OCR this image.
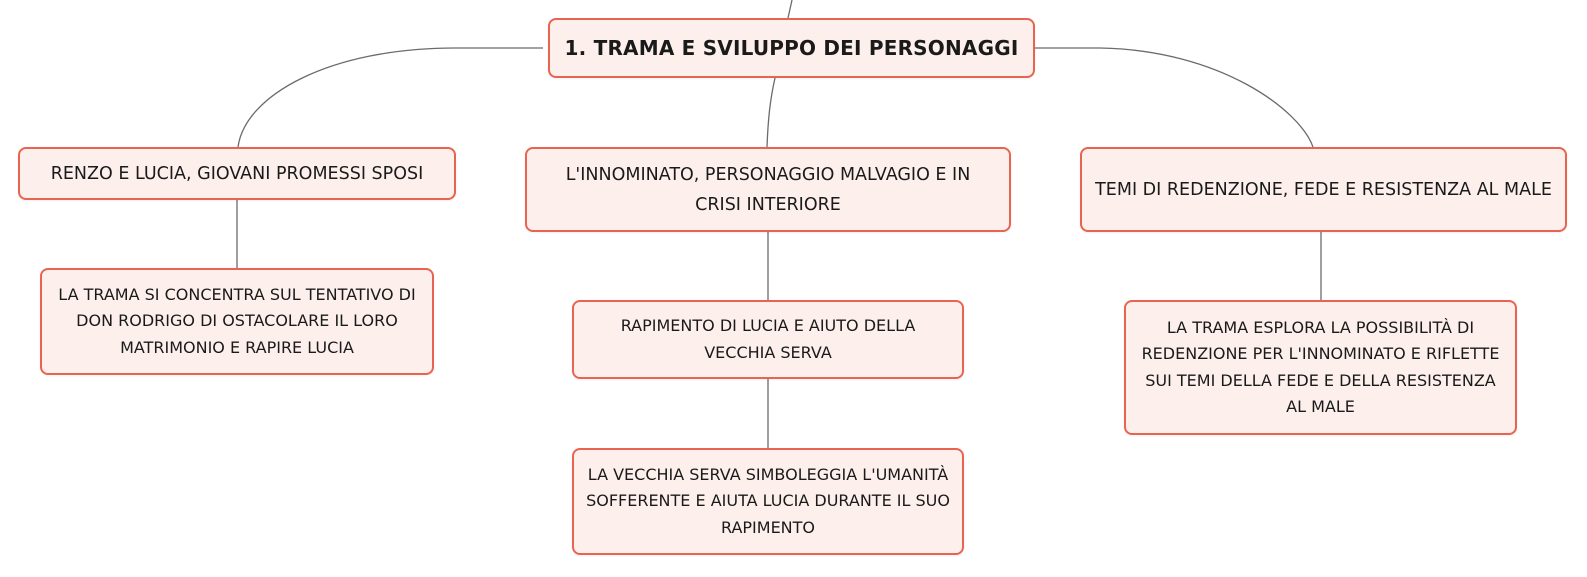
1. TRAMA E SVILUPPO DEI PERSONAGGI
RENZO E LUCIA, GIOVANI PROMESSI SPOSI	L'INNOMINATO, PERSONAGGIO MALVAGIO E IN CRISI INTERIORE
TEMI DI REDENZIONE, FEDE E RESISTENZA AL MALE
LA TRAMA SI CONCENTRA SUL TENTATIVO DI DON RODRIGO DI OSTACOLARE IL LORO MATRIMONIO E RAPIRE LUCIA
RAPIMENTO DI LUCIA E AIUTO DELLA VECCHIA SERVA
LA VECCHIA SERVA SIMBOLEGGIA L'UMANITÀ SOFFERENTE E AIUTA LUCIA DURANTE IL SUO RAPIMENTO
LA TRAMA ESPLORA LA POSSIBILITÀ DI REDENZIONE PER L'INNOMINATO E RIFLETTE SUI TEMI DELLA FEDE E DELLA RESISTENZA AL MALE
